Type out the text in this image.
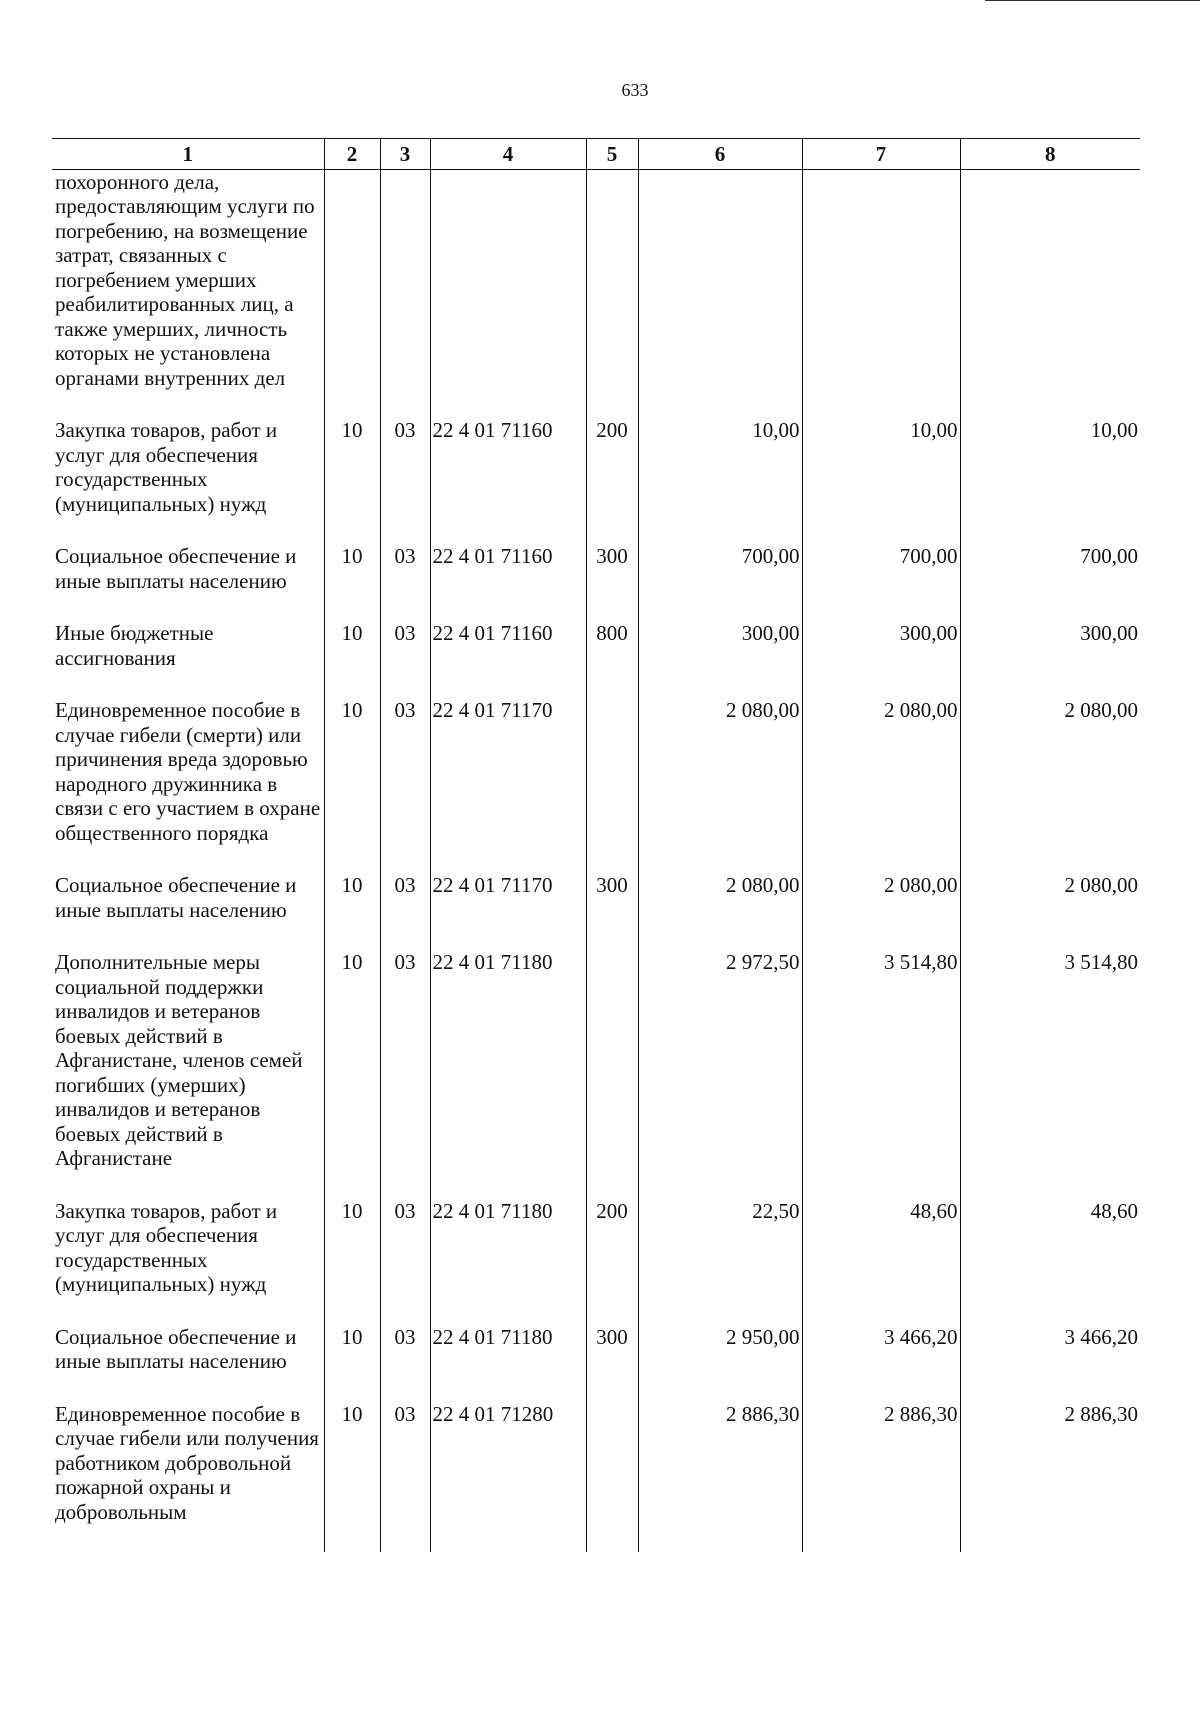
633
1	2	3	4	5	6	7	8
похоронного дела, предоставляющим услуги по погребению, на возмещение затрат, связанных с погребением умерших реабилитированных лиц, а также умерших, личность которых не установлена органами внутренних дел							
Закупка товаров, работ и услуг для обеспечения государственных (муниципальных) нужд	10	03	22 4 01 71160	200	10,00	10,00	10,00
Социальное обеспечение и иные выплаты населению	10	03	22 4 01 71160	300	700,00	700,00	700,00
Иные бюджетные ассигнования	10	03	22 4 01 71160	800	300,00	300,00	300,00
Единовременное пособие в случае гибели (смерти) или причинения вреда здоровью народного дружинника в связи с его участием в охране общественного порядка	10	03	22 4 01 71170		2 080,00	2 080,00	2 080,00
Социальное обеспечение и иные выплаты населению	10	03	22 4 01 71170	300	2 080,00	2 080,00	2 080,00
Дополнительные меры социальной поддержки инвалидов и ветеранов боевых действий в Афганистане, членов семей погибших (умерших) инвалидов и ветеранов боевых действий в Афганистане	10	03	22 4 01 71180		2 972,50	3 514,80	3 514,80
Закупка товаров, работ и услуг для обеспечения государственных (муниципальных) нужд	10	03	22 4 01 71180	200	22,50	48,60	48,60
Социальное обеспечение и иные выплаты населению	10	03	22 4 01 71180	300	2 950,00	3 466,20	3 466,20
Единовременное пособие в случае гибели или получения работником добровольной пожарной охраны и добровольным	10	03	22 4 01 71280		2 886,30	2 886,30	2 886,30
